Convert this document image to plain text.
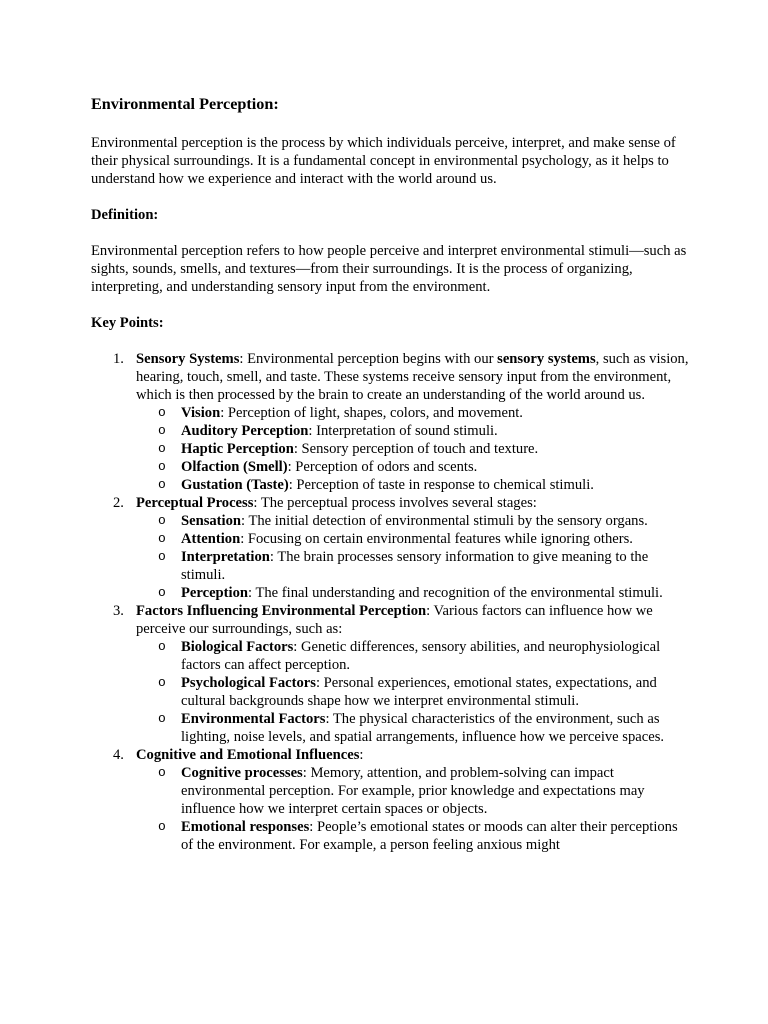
Environmental Perception:

Environmental perception is the process by which individuals perceive, interpret, and make sense of their physical surroundings. It is a fundamental concept in environmental psychology, as it helps to understand how we experience and interact with the world around us.

Definition:

Environmental perception refers to how people perceive and interpret environmental stimuli—such as sights, sounds, smells, and textures—from their surroundings. It is the process of organizing, interpreting, and understanding sensory input from the environment.

Key Points:
1. Sensory Systems: Environmental perception begins with our sensory systems, such as vision, hearing, touch, smell, and taste. These systems receive sensory input from the environment, which is then processed by the brain to create an understanding of the world around us.
o Vision: Perception of light, shapes, colors, and movement.
o Auditory Perception: Interpretation of sound stimuli.
o Haptic Perception: Sensory perception of touch and texture.
o Olfaction (Smell): Perception of odors and scents.
o Gustation (Taste): Perception of taste in response to chemical stimuli.
2. Perceptual Process: The perceptual process involves several stages:
o Sensation: The initial detection of environmental stimuli by the sensory organs.
o Attention: Focusing on certain environmental features while ignoring others.
o Interpretation: The brain processes sensory information to give meaning to the stimuli.
o Perception: The final understanding and recognition of the environmental stimuli.
3. Factors Influencing Environmental Perception: Various factors can influence how we perceive our surroundings, such as:
o Biological Factors: Genetic differences, sensory abilities, and neurophysiological factors can affect perception.
o Psychological Factors: Personal experiences, emotional states, expectations, and cultural backgrounds shape how we interpret environmental stimuli.
o Environmental Factors: The physical characteristics of the environment, such as lighting, noise levels, and spatial arrangements, influence how we perceive spaces.
4. Cognitive and Emotional Influences:
o Cognitive processes: Memory, attention, and problem-solving can impact environmental perception. For example, prior knowledge and expectations may influence how we interpret certain spaces or objects.
o Emotional responses: People’s emotional states or moods can alter their perceptions of the environment. For example, a person feeling anxious might
